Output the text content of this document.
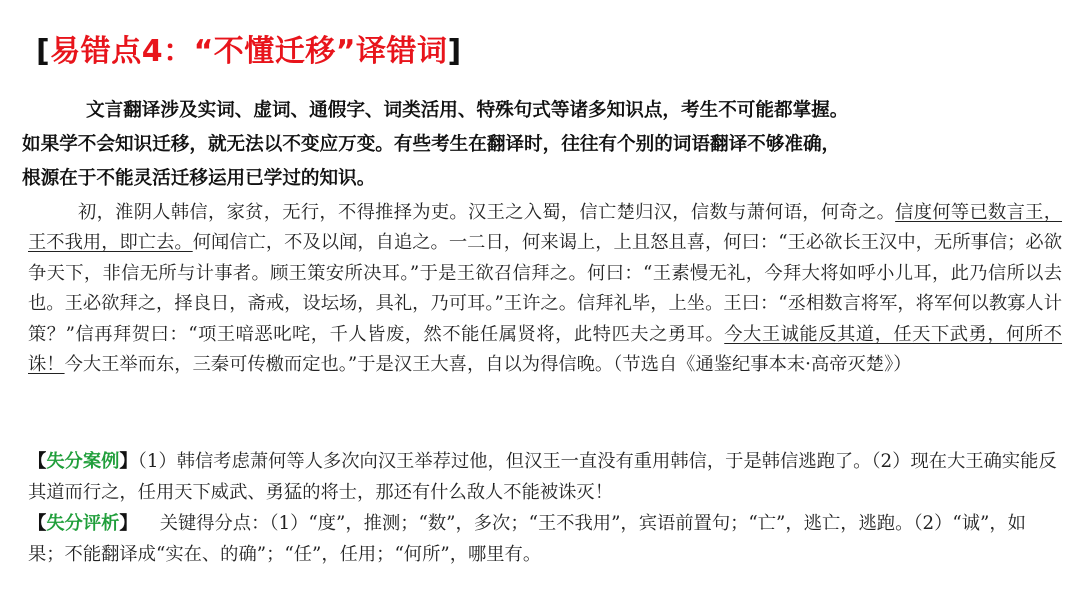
[易错点4：“不懂迁移”译错词]

文言翻译涉及实词、虚词、通假字、词类活用、特殊句式等诸多知识点，考生不可能都掌握。

如果学不会知识迁移，就无法以不变应万变。有些考生在翻译时，往往有个别的词语翻译不够准确，

根源在于不能灵活迁移运用已学过的知识。

初，淮阴人韩信，家贫，无行，不得推择为吏。汉王之入蜀，信亡楚归汉，信数与萧何语，何奇之。信度何等已数言王，王不我用，即亡去。何闻信亡，不及以闻，自追之。一二日，何来谒上，上且怒且喜，何曰：“王必欲长王汉中，无所事信；必欲争天下，非信无所与计事者。顾王策安所决耳。”于是王欲召信拜之。何曰：“王素慢无礼，今拜大将如呼小儿耳，此乃信所以去也。王必欲拜之，择良日，斋戒，设坛场，具礼，乃可耳。”王许之。信拜礼毕，上坐。王曰：“丞相数言将军，将军何以教寡人计策？”信再拜贺曰：“项王喑恶叱咤，千人皆废，然不能任属贤将，此特匹夫之勇耳。今大王诚能反其道，任天下武勇，何所不诛！今大王举而东，三秦可传檄而定也。”于是汉王大喜，自以为得信晚。（节选自《通鉴纪事本末·高帝灭楚》）

【失分案例】（1）韩信考虑萧何等人多次向汉王举荐过他，但汉王一直没有重用韩信，于是韩信逃跑了。（2）现在大王确实能反其道而行之，任用天下威武、勇猛的将士，那还有什么敌人不能被诛灭！

【失分评析】 关键得分点：（1）“度”，推测；“数”，多次；“王不我用”，宾语前置句；“亡”，逃亡，逃跑。（2）“诚”，如果；不能翻译成“实在、的确”；“任”，任用；“何所”，哪里有。
